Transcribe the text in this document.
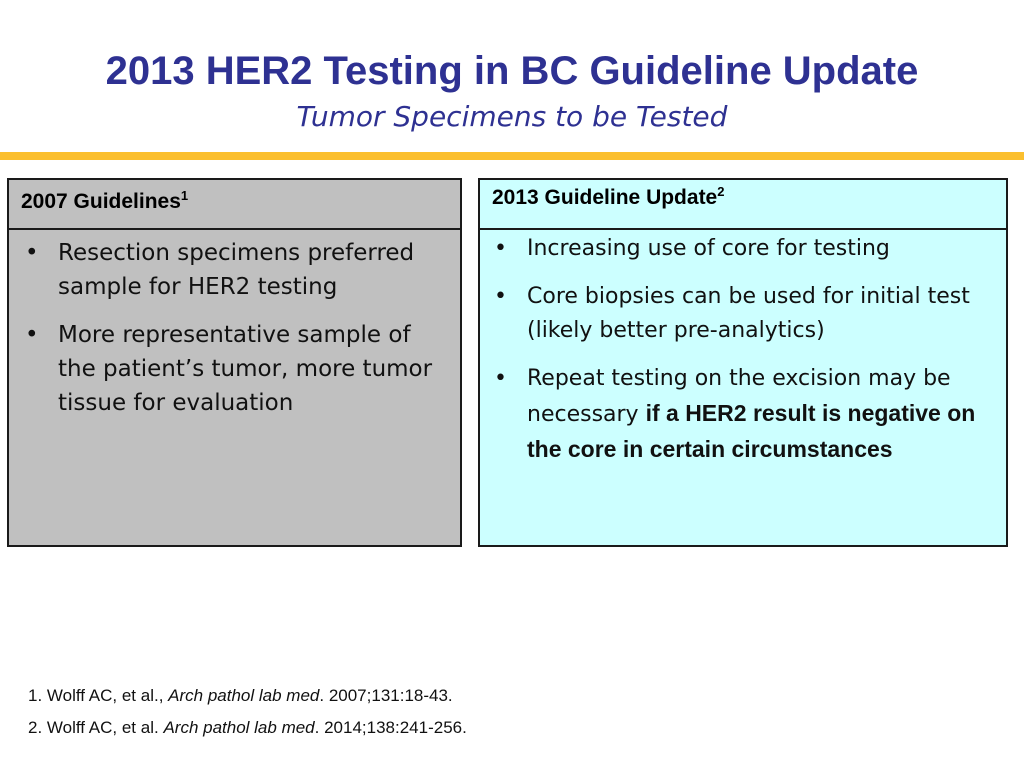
2013 HER2 Testing in BC Guideline Update
Tumor Specimens to be Tested
2007 Guidelines$^1$
• Resection specimens preferred sample for HER2 testing
• More representative sample of the patient’s tumor, more tumor tissue for evaluation
2013 Guideline Update$^2$
• Increasing use of core for testing
• Core biopsies can be used for initial test (likely better pre-analytics)
• Repeat testing on the excision may be necessary if a HER2 result is negative on the core in certain circumstances
1. Wolff AC, et al., Arch pathol lab med. 2007;131:18-43.
2. Wolff AC, et al. Arch pathol lab med. 2014;138:241-256.
